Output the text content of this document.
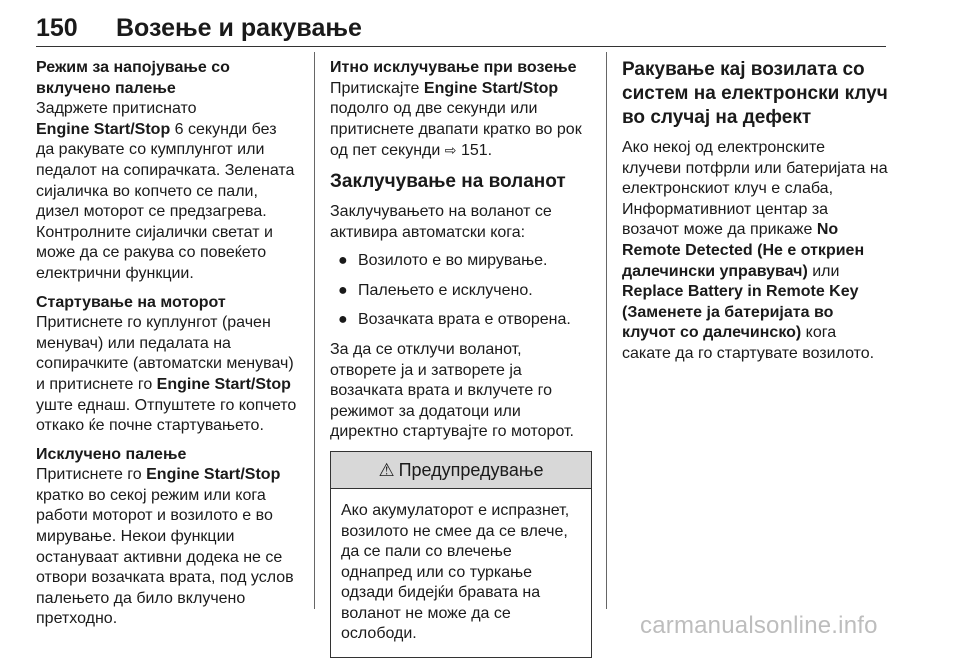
150 Возење и ракување
Режим за напојување со вклучено палење
Задржете притиснато
Engine Start/Stop 6 секунди без да ракувате со кумплунгот или педалот на сопирачката. Зелената сијаличка во копчето се пали, дизел моторот се предзагрева. Контролните сијалички светат и може да се ракува со повеќето електрични функции.
Стартување на моторот
Притиснете го куплунгот (рачен менувач) или педалата на сопирачките (автоматски менувач) и притиснете го Engine Start/Stop уште еднаш. Отпуштете го копчето откако ќе почне стартувањето.
Исклучено палење
Притиснете го Engine Start/Stop кратко во секој режим или кога работи моторот и возилото е во мирување. Некои функции остануваат активни додека не се отвори возачката врата, под услов палењето да било вклучено претходно.
Итно исклучување при возење
Притискајте Engine Start/Stop подолго од две секунди или притиснете двапати кратко во рок од пет секунди ⇨ 151.
Заклучување на воланот
Заклучувањето на воланот се активира автоматски кога:
● Возилото е во мирување.
● Палењето е исклучено.
● Возачката врата е отворена.
За да се отклучи воланот, отворете ја и затворете ја возачката врата и вклучете го режимот за додатоци или директно стартувајте го моторот.
⚠ Предупредување
Ако акумулаторот е испразнет, возилото не смее да се влече, да се пали со влечење однапред или со туркање одзади бидејќи бравата на воланот не може да се ослободи.
Ракување кај возилата со систем на електронски клуч во случај на дефект
Ако некој од електронските клучеви потфрли или батеријата на електронскиот клуч е слаба, Информативниот центар за возачот може да прикаже No Remote Detected (Не е откриен далечински управувач) или Replace Battery in Remote Key (Заменете ја батеријата во клучот со далечинско) кога сакате да го стартувате возилото.
carmanualsonline.info
